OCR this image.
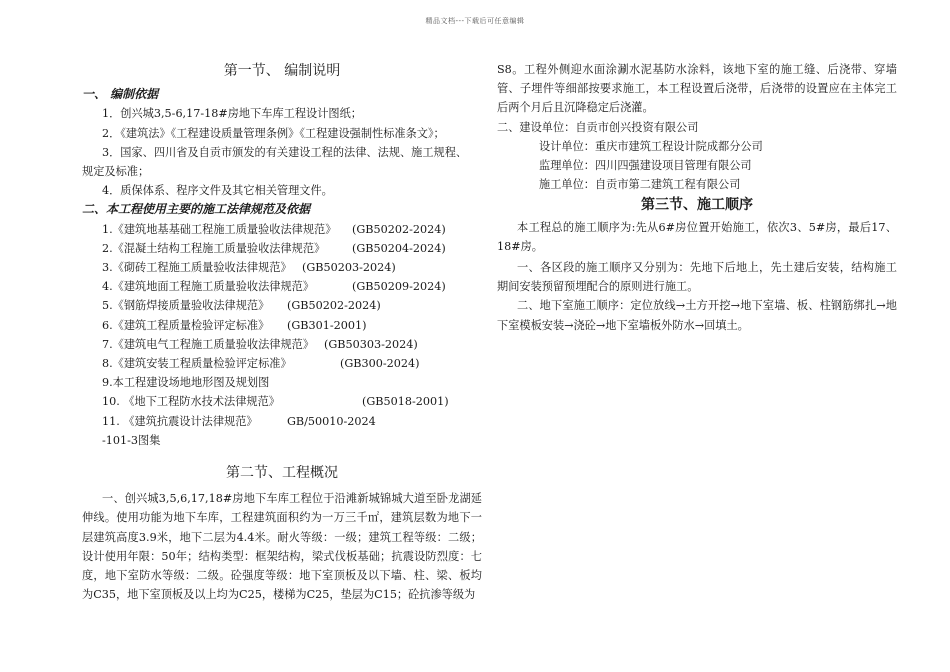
精品文档---下载后可任意编辑
第一节、 编制说明
一、 编制依据
1．创兴城3,5-6,17-18#房地下车库工程设计图纸；
2．《建筑法》《工程建设质量管理条例》《工程建设强制性标准条文》；
3．国家、四川省及自贡市颁发的有关建设工程的法律、法规、施工规程、
规定及标准；
4．质保体系、程序文件及其它相关管理文件。
二、本工程使用主要的施工法律规范及依据
1.《建筑地基基础工程施工质量验收法律规范》 (GB50202-2024)
2.《混凝土结构工程施工质量验收法律规范》 (GB50204-2024)
3.《砌砖工程施工质量验收法律规范》 (GB50203-2024)
4.《建筑地面工程施工质量验收法律规范》	(GB50209-2024)
5.《钢筋焊接质量验收法律规范》 (GB50202-2024)
6.《建筑工程质量检验评定标准》 (GB301-2001)
7.《建筑电气工程施工质量验收法律规范》 (GB50303-2024)
8.《建筑安装工程质量检验评定标准》	(GB300-2024)
9.本工程建设场地地形图及规划图
10. 《地下工程防水技术法律规范》	(GB5018-2001)
11. 《建筑抗震设计法律规范》	GB/50010-2024
-101-3图集
第二节、工程概况
一、创兴城3,5,6,17,18#房地下车库工程位于沿滩新城锦城大道至卧龙湖延伸线。使用功能为地下车库，工程建筑面积约为一万三千㎡，建筑层数为地下一层建筑高度3.9米，地下二层为4.4米。耐火等级：一级；建筑工程等级：二级；设计使用年限：50年；结构类型：框架结构，梁式伐板基础；抗震设防烈度：七度，地下室防水等级：二级。砼强度等级：地下室顶板及以下墙、柱、梁、板均为C35，地下室顶板及以上均为C25，楼梯为C25，垫层为C15；砼抗渗等级为
S8。工程外侧迎水面涂涮水泥基防水涂料，该地下室的施工缝、后浇带、穿墙管、子埋件等细部按要求施工，本工程设置后浇带，后浇带的设置应在主体完工后两个月后且沉降稳定后浇灌。
二、建设单位：自贡市创兴投资有限公司
设计单位：重庆市建筑工程设计院成都分公司
监理单位：四川四强建设项目管理有限公司
施工单位：自贡市第二建筑工程有限公司
第三节、施工顺序
本工程总的施工顺序为:先从6#房位置开始施工，依次3、5#房，最后17、18#房。
一、各区段的施工顺序又分别为：先地下后地上，先土建后安装，结构施工期间安装预留预埋配合的原则进行施工。
二、地下室施工顺序：定位放线→土方开挖→地下室墙、板、柱钢筋绑扎→地下室模板安装→浇砼→地下室墙板外防水→回填土。
